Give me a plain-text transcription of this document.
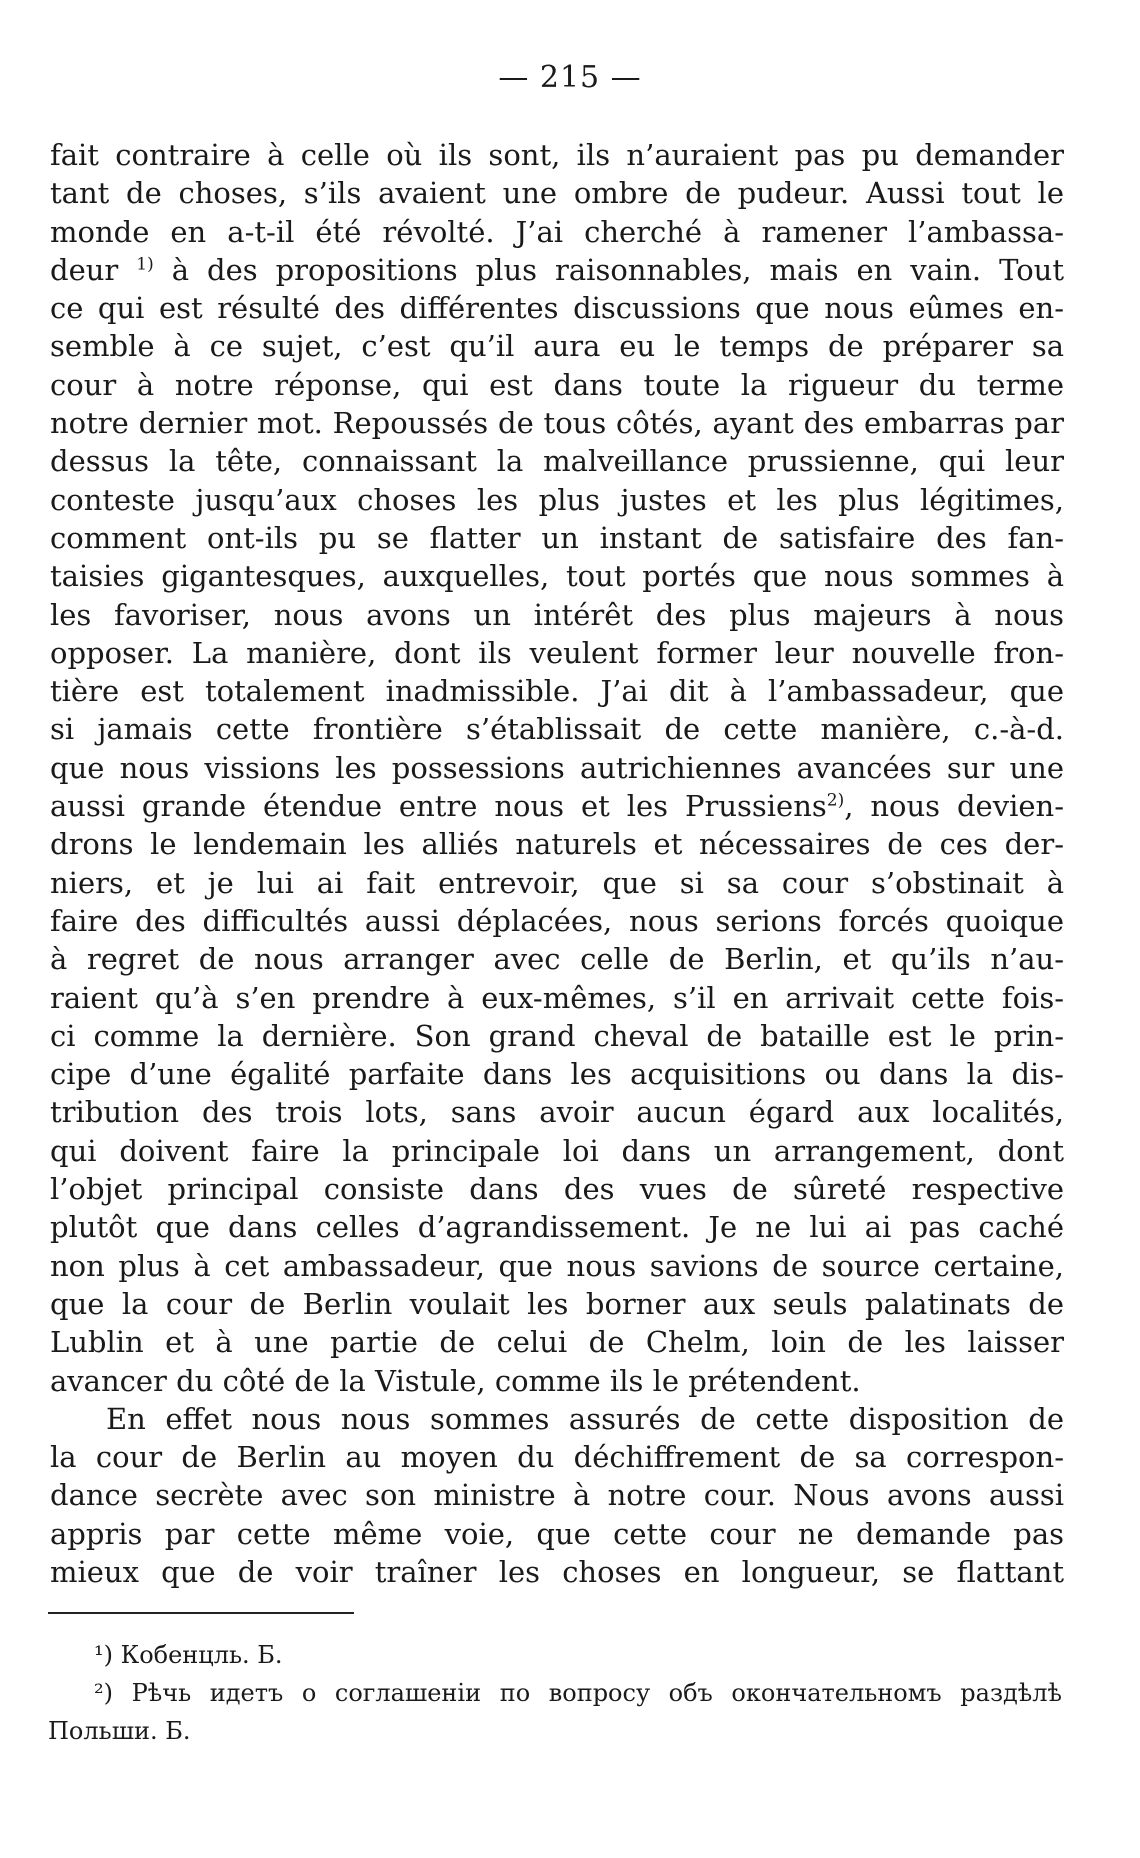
— 215 —
fait contraire à celle où ils sont, ils n’auraient pas pu demander
tant de choses, s’ils avaient une ombre de pudeur. Aussi tout le
monde en a-t-il été révolté. J’ai cherché à ramener l’ambassa-
deur $^{1)}$ à des propositions plus raisonnables, mais en vain. Tout
ce qui est résulté des différentes discussions que nous eûmes en-
semble à ce sujet, c’est qu’il aura eu le temps de préparer sa
cour à notre réponse, qui est dans toute la rigueur du terme
notre dernier mot. Repoussés de tous côtés, ayant des embarras par
dessus la tête, connaissant la malveillance prussienne, qui leur
conteste jusqu’aux choses les plus justes et les plus légitimes,
comment ont-ils pu se flatter un instant de satisfaire des fan-
taisies gigantesques, auxquelles, tout portés que nous sommes à
les favoriser, nous avons un intérêt des plus majeurs à nous
opposer. La manière, dont ils veulent former leur nouvelle fron-
tière est totalement inadmissible. J’ai dit à l’ambassadeur, que
si jamais cette frontière s’établissait de cette manière, c.-à-d.
que nous vissions les possessions autrichiennes avancées sur une
aussi grande étendue entre nous et les Prussiens$^{2)}$, nous devien-
drons le lendemain les alliés naturels et nécessaires de ces der-
niers, et je lui ai fait entrevoir, que si sa cour s’obstinait à
faire des difficultés aussi déplacées, nous serions forcés quoique
à regret de nous arranger avec celle de Berlin, et qu’ils n’au-
raient qu’à s’en prendre à eux-mêmes, s’il en arrivait cette fois-
ci comme la dernière. Son grand cheval de bataille est le prin-
cipe d’une égalité parfaite dans les acquisitions ou dans la dis-
tribution des trois lots, sans avoir aucun égard aux localités,
qui doivent faire la principale loi dans un arrangement, dont
l’objet principal consiste dans des vues de sûreté respective
plutôt que dans celles d’agrandissement. Je ne lui ai pas caché
non plus à cet ambassadeur, que nous savions de source certaine,
que la cour de Berlin voulait les borner aux seuls palatinats de
Lublin et à une partie de celui de Chelm, loin de les laisser
avancer du côté de la Vistule, comme ils le prétendent.
En effet nous nous sommes assurés de cette disposition de
la cour de Berlin au moyen du déchiffrement de sa correspon-
dance secrète avec son ministre à notre cour. Nous avons aussi
appris par cette même voie, que cette cour ne demande pas
mieux que de voir traîner les choses en longueur, se flattant
¹) Кобенцль. Б.
²) Рѣчь идетъ о соглашенiи по вопросу объ окончательномъ раздѣлѣ
Польши. Б.
